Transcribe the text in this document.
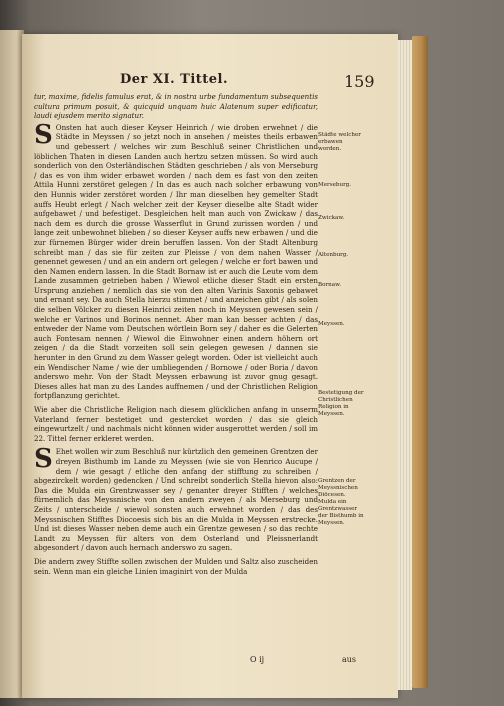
Der XI. Tittel.	159

tur, maxime, fidelis famulus erat, & in nostra urbe fundamentum subsequentis cultura primum posuit, & quicquid unquam huic Alatenum super edificatur, laudi ejusdem merito signatur.

S Onsten hat auch dieser Keyser Heinrich / wie droben erwehnet / die Städte in Meyssen / so jetzt noch in ansehen / meistes theils erbawen und gebessert / welches wir zum Beschluß seiner Christlichen und löblichen Thaten in diesen Landen auch hertzu setzen müssen. So wird auch sonderlich von den Osterländischen Städten geschrieben / als von Merseburg / das es von ihm wider erbawet worden / nach dem es fast von den zeiten Attila Hunni zerstöret gelegen / In das es auch nach solcher erbawung von den Hunnis wider zerstöret worden / Ihr man dieselben hey gemelter Stadt auffs Heubt erlegt / Nach welcher zeit der Keyser dieselbe alte Stadt wider aufgebawet / und befestiget. Desgleichen helt man auch von Zwickaw / das nach dem es durch die grosse Wasserflut in Grund zurissen worden / und lange zeit unbewohnet blieben / so dieser Keyser auffs new erbawen / und die zur fürnemen Bürger wider drein beruffen lassen. Von der Stadt Altenburg schreibt man / das sie für zeiten zur Pleisse / von dem nahen Wasser / genennet gewesen / und an ein andern ort gelegen / welche er fort bawen und den Namen endern lassen. In die Stadt Bornaw ist er auch die Leute vom dem Lande zusammen getrieben haben / Wiewol etliche dieser Stadt ein ersten Ursprung anziehen / nemlich das sie von den alten Varinis Saxonis gebawet und ernant sey. Da auch Stella hierzu stimmet / und anzeichen gibt / als solen die selben Völcker zu diesen Heinrici zeiten noch in Meyssen gewesen sein / welche er Varinos und Borinos nennet. Aber man kan besser achten / das entweder der Name vom Deutschen wörtlein Born sey / daher es die Gelerten auch Fontesam nennen / Wiewol die Einwohner einen andern höhern ort zeigen / da die Stadt vorzeiten soll sein gelegen gewesen / dannen sie herunter in den Grund zu dem Wasser gelegt worden. Oder ist vielleicht auch ein Wendischer Name / wie der umbliegenden / Bornowe / oder Boria / davon anderswo mehr. Von der Stadt Meyssen erbawung ist zuvor gnug gesagt. Dieses alles hat man zu des Landes auffnemen / und der Christlichen Religion fortpflanzung gerichtet.

Wie aber die Christliche Religion nach diesem glücklichen anfang in unserm Vaterland ferner bestetiget und gestercket worden / das sie gleich eingewurtzelt / und nachmals nicht können wider ausgerottet werden / soll im 22. Tittel ferner erkleret werden.

S Ehet wollen wir zum Beschluß nur kürtzlich den gemeinen Grentzen der dreyen Bisthumb im Lande zu Meyssen (wie sie von Henrico Aucupe / dem / wie gesagt / etliche den anfang der stifftung zu schreiben / abgezirckelt worden) gedencken / Und schreibt sonderlich Stella hievon also: Das die Mulda ein Grentzwasser sey / genanter dreyer Stifften / welches fürnemlich das Meyssnische von den andern zweyen / als Merseburg und Zeits / unterscheide / wiewol sonsten auch erwehnet worden / das des Meyssnischen Stifftes Diocoesis sich bis an die Mulda in Meyssen erstrecke. Und ist dieses Wasser neben deme auch ein Grentze gewesen / so das rechte Landt zu Meyssen für alters von dem Osterland und Pleissnerlandt abgesondert / davon auch hernach anderswo zu sagen.

Die andern zwey Stiffte sollen zwischen der Mulden und Saltz also zuscheiden sein. Wenn man ein gleiche Linien imaginirt von der Mulda

Städte welcher erbawen worden.
Merseburg.
Zwickaw.
Altenburg.
Bornaw.
Meyssen.
Bestetigung der Christlichen Religion in Meyssen.
Grentzen der Meyssnischen Diöcesen. Mulda ein Grentzwasser der Bisthumb in Meyssen.
O ij	aus
